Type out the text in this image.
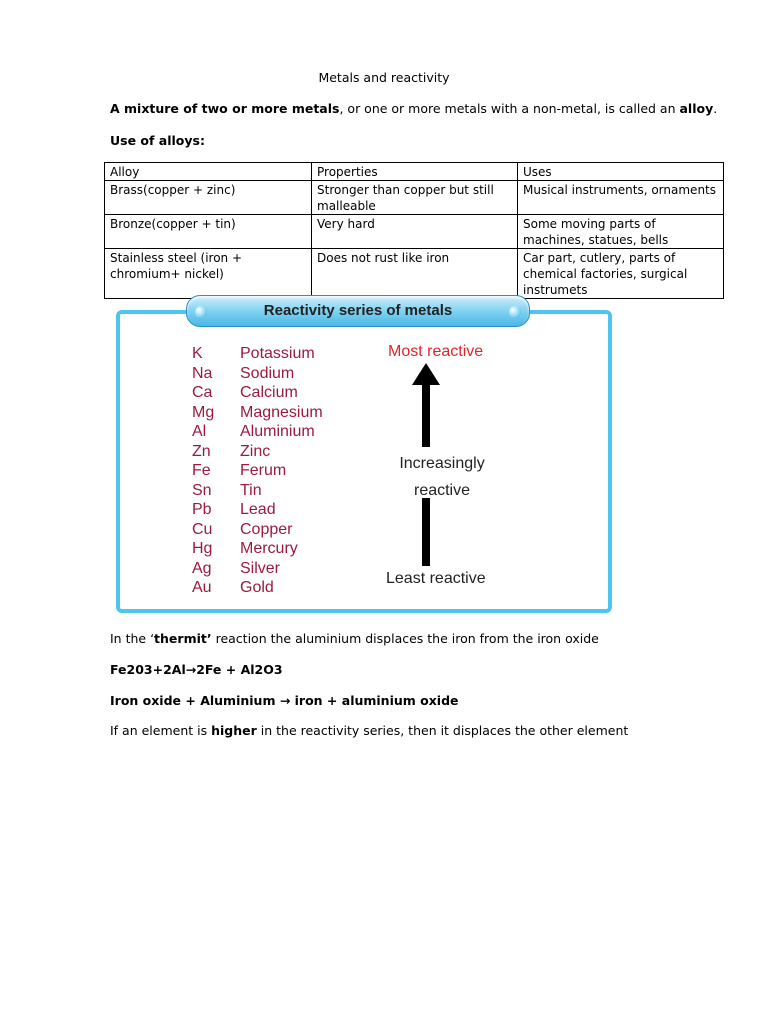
Metals and reactivity
A mixture of two or more metals, or one or more metals with a non-metal, is called an alloy.
Use of alloys:
Alloy	Properties	Uses
Brass(copper + zinc)	Stronger than copper but still malleable	Musical instruments, ornaments
Bronze(copper + tin)	Very hard	Some moving parts of machines, statues, bells
Stainless steel (iron + chromium+ nickel)	Does not rust like iron	Car part, cutlery, parts of chemical factories, surgical instrumets
Reactivity series of metals
K	Potassium
Na	Sodium
Ca	Calcium
Mg	Magnesium
Al	Aluminium
Zn	Zinc
Fe	Ferum
Sn	Tin
Pb	Lead
Cu	Copper
Hg	Mercury
Ag	Silver
Au	Gold
Most reactive
Increasingly
reactive
Least reactive
In the ‘thermit’ reaction the aluminium displaces the iron from the iron oxide
Fe203+2Al→2Fe + Al2O3
Iron oxide + Aluminium → iron + aluminium oxide
If an element is higher in the reactivity series, then it displaces the other element
